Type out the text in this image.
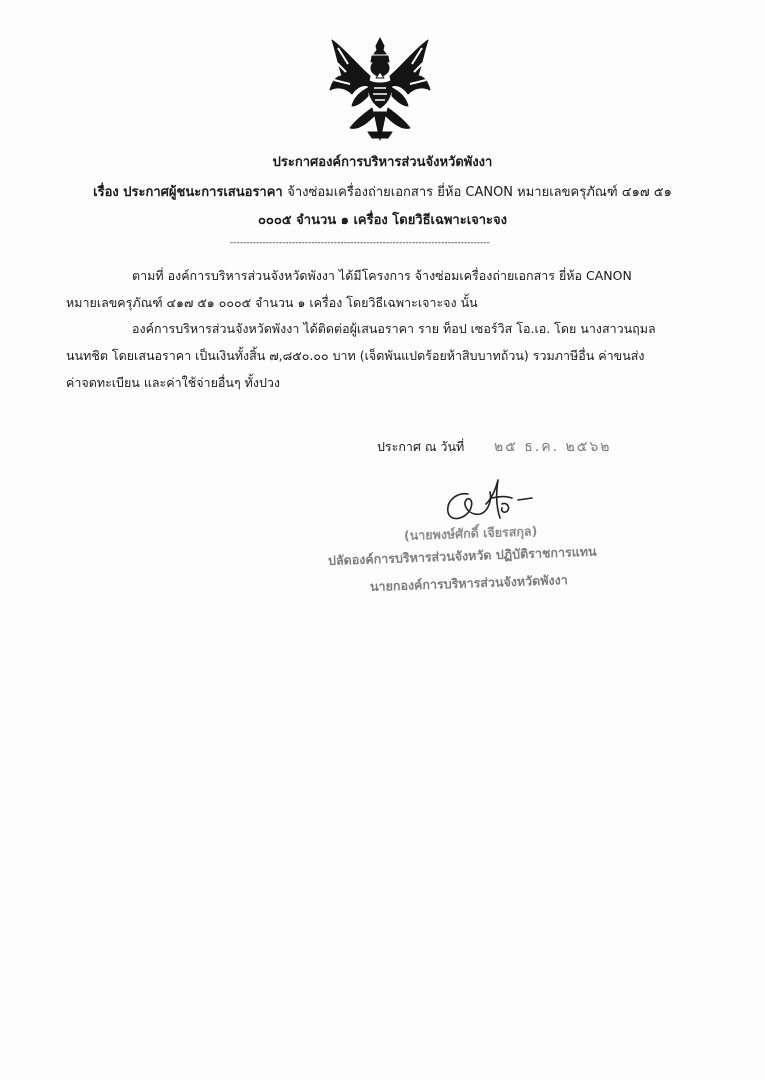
ประกาศองค์การบริหารส่วนจังหวัดพังงา
เรื่อง ประกาศผู้ชนะการเสนอราคา จ้างซ่อมเครื่องถ่ายเอกสาร ยี่ห้อ CANON หมายเลขครุภัณฑ์ ๔๑๗ ๕๑
๐๐๐๕ จำนวน ๑ เครื่อง โดยวิธีเฉพาะเจาะจง
--------------------------------------------------------------------------------
ตามที่ องค์การบริหารส่วนจังหวัดพังงา ได้มีโครงการ จ้างซ่อมเครื่องถ่ายเอกสาร ยี่ห้อ CANON
หมายเลขครุภัณฑ์ ๔๑๗ ๕๑ ๐๐๐๕ จำนวน ๑ เครื่อง โดยวิธีเฉพาะเจาะจง นั้น
องค์การบริหารส่วนจังหวัดพังงา ได้ติดต่อผู้เสนอราคา ราย ท็อป เซอร์วิส โอ.เอ. โดย นางสาวนฤมล
นนทชิต โดยเสนอราคา เป็นเงินทั้งสิ้น ๗,๘๕๐.๐๐ บาท (เจ็ดพันแปดร้อยห้าสิบบาทถ้วน) รวมภาษีอื่น ค่าขนส่ง
ค่าจดทะเบียน และค่าใช้จ่ายอื่นๆ ทั้งปวง
ประกาศ ณ วันที่ ๒๕ ธ.ค. ๒๕๖๒
(นายพงษ์ศักดิ์ เจียรสกุล)
ปลัดองค์การบริหารส่วนจังหวัด ปฏิบัติราชการแทน
นายกองค์การบริหารส่วนจังหวัดพังงา
